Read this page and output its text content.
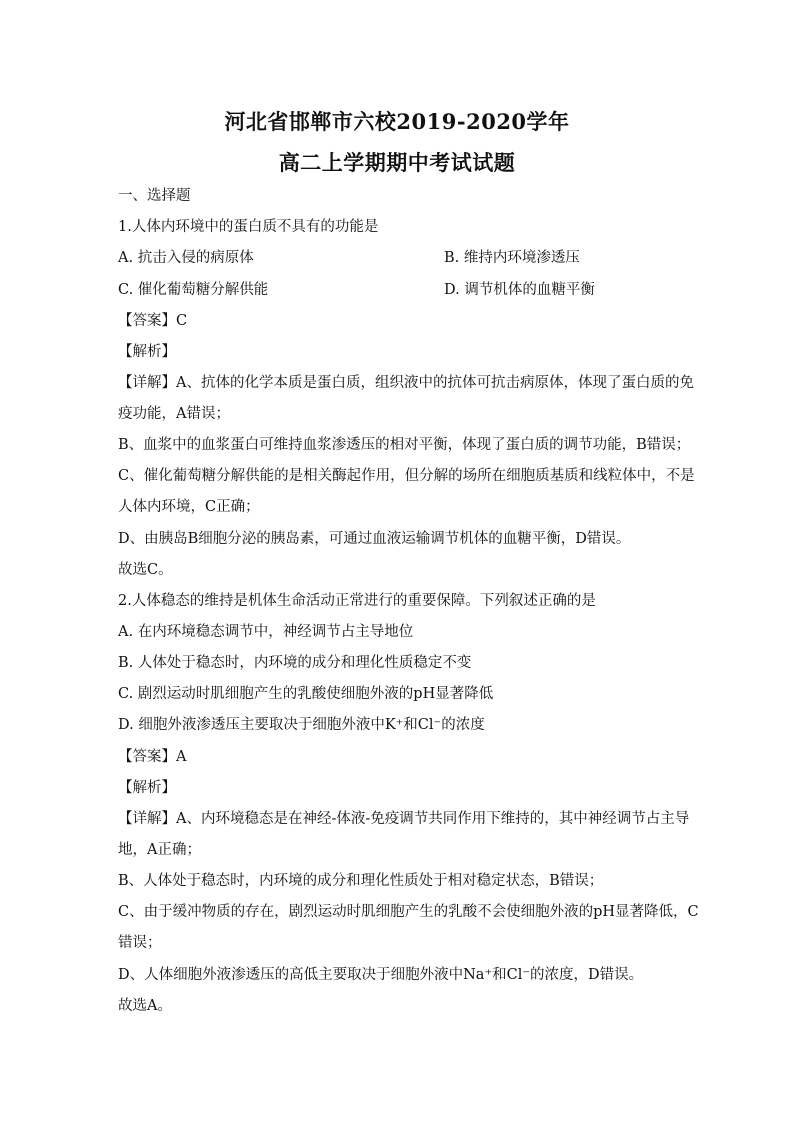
河北省邯郸市六校2019-2020学年
高二上学期期中考试试题
一、选择题
1.人体内环境中的蛋白质不具有的功能是
A. 抗击入侵的病原体	B. 维持内环境渗透压
C. 催化葡萄糖分解供能	D. 调节机体的血糖平衡
【答案】C
【解析】
【详解】A、抗体的化学本质是蛋白质，组织液中的抗体可抗击病原体，体现了蛋白质的免
疫功能，A错误；
B、血浆中的血浆蛋白可维持血浆渗透压的相对平衡，体现了蛋白质的调节功能，B错误；
C、催化葡萄糖分解供能的是相关酶起作用，但分解的场所在细胞质基质和线粒体中，不是
人体内环境，C正确；
D、由胰岛B细胞分泌的胰岛素，可通过血液运输调节机体的血糖平衡，D错误。
故选C。
2.人体稳态的维持是机体生命活动正常进行的重要保障。下列叙述正确的是
A. 在内环境稳态调节中，神经调节占主导地位
B. 人体处于稳态时，内环境的成分和理化性质稳定不变
C. 剧烈运动时肌细胞产生的乳酸使细胞外液的pH显著降低
D. 细胞外液渗透压主要取决于细胞外液中K⁺和Cl⁻的浓度
【答案】A
【解析】
【详解】A、内环境稳态是在神经-体液-免疫调节共同作用下维持的，其中神经调节占主导
地，A正确；
B、人体处于稳态时，内环境的成分和理化性质处于相对稳定状态，B错误；
C、由于缓冲物质的存在，剧烈运动时肌细胞产生的乳酸不会使细胞外液的pH显著降低，C
错误；
D、人体细胞外液渗透压的高低主要取决于细胞外液中Na⁺和Cl⁻的浓度，D错误。
故选A。
